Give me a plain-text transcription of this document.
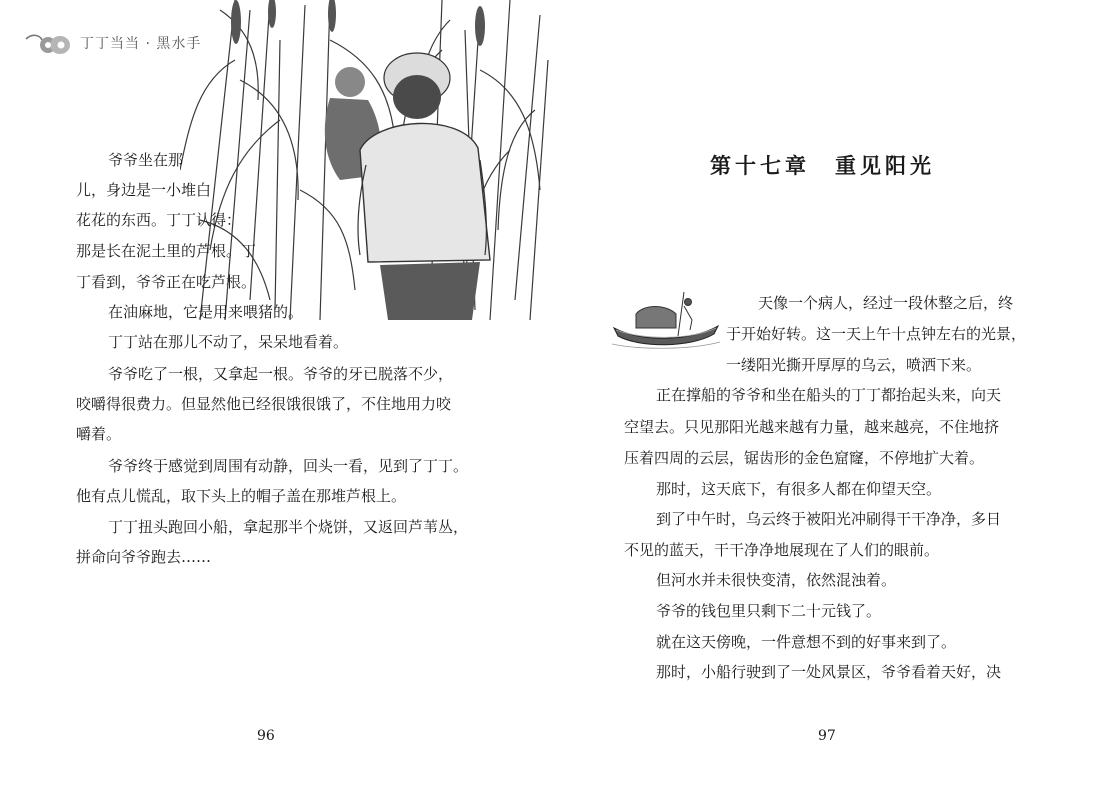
丁丁当当 · 黑水手
爷爷坐在那
儿，身边是一小堆白
花花的东西。丁丁认得：
那是长在泥土里的芦根。丁
丁看到，爷爷正在吃芦根。
在油麻地，它是用来喂猪的。
丁丁站在那儿不动了，呆呆地看着。
爷爷吃了一根，又拿起一根。爷爷的牙已脱落不少，
咬嚼得很费力。但显然他已经很饿很饿了，不住地用力咬
嚼着。
爷爷终于感觉到周围有动静，回头一看，见到了丁丁。
他有点儿慌乱，取下头上的帽子盖在那堆芦根上。
丁丁扭头跑回小船，拿起那半个烧饼，又返回芦苇丛，
拼命向爷爷跑去……
96
第十七章　重见阳光
天像一个病人，经过一段休整之后，终
于开始好转。这一天上午十点钟左右的光景，
一缕阳光撕开厚厚的乌云，喷洒下来。
正在撑船的爷爷和坐在船头的丁丁都抬起头来，向天
空望去。只见那阳光越来越有力量，越来越亮，不住地挤
压着四周的云层，锯齿形的金色窟窿，不停地扩大着。
那时，这天底下，有很多人都在仰望天空。
到了中午时，乌云终于被阳光冲刷得干干净净，多日
不见的蓝天，干干净净地展现在了人们的眼前。
但河水并未很快变清，依然混浊着。
爷爷的钱包里只剩下二十元钱了。
就在这天傍晚，一件意想不到的好事来到了。
那时，小船行驶到了一处风景区，爷爷看着天好，决
97
